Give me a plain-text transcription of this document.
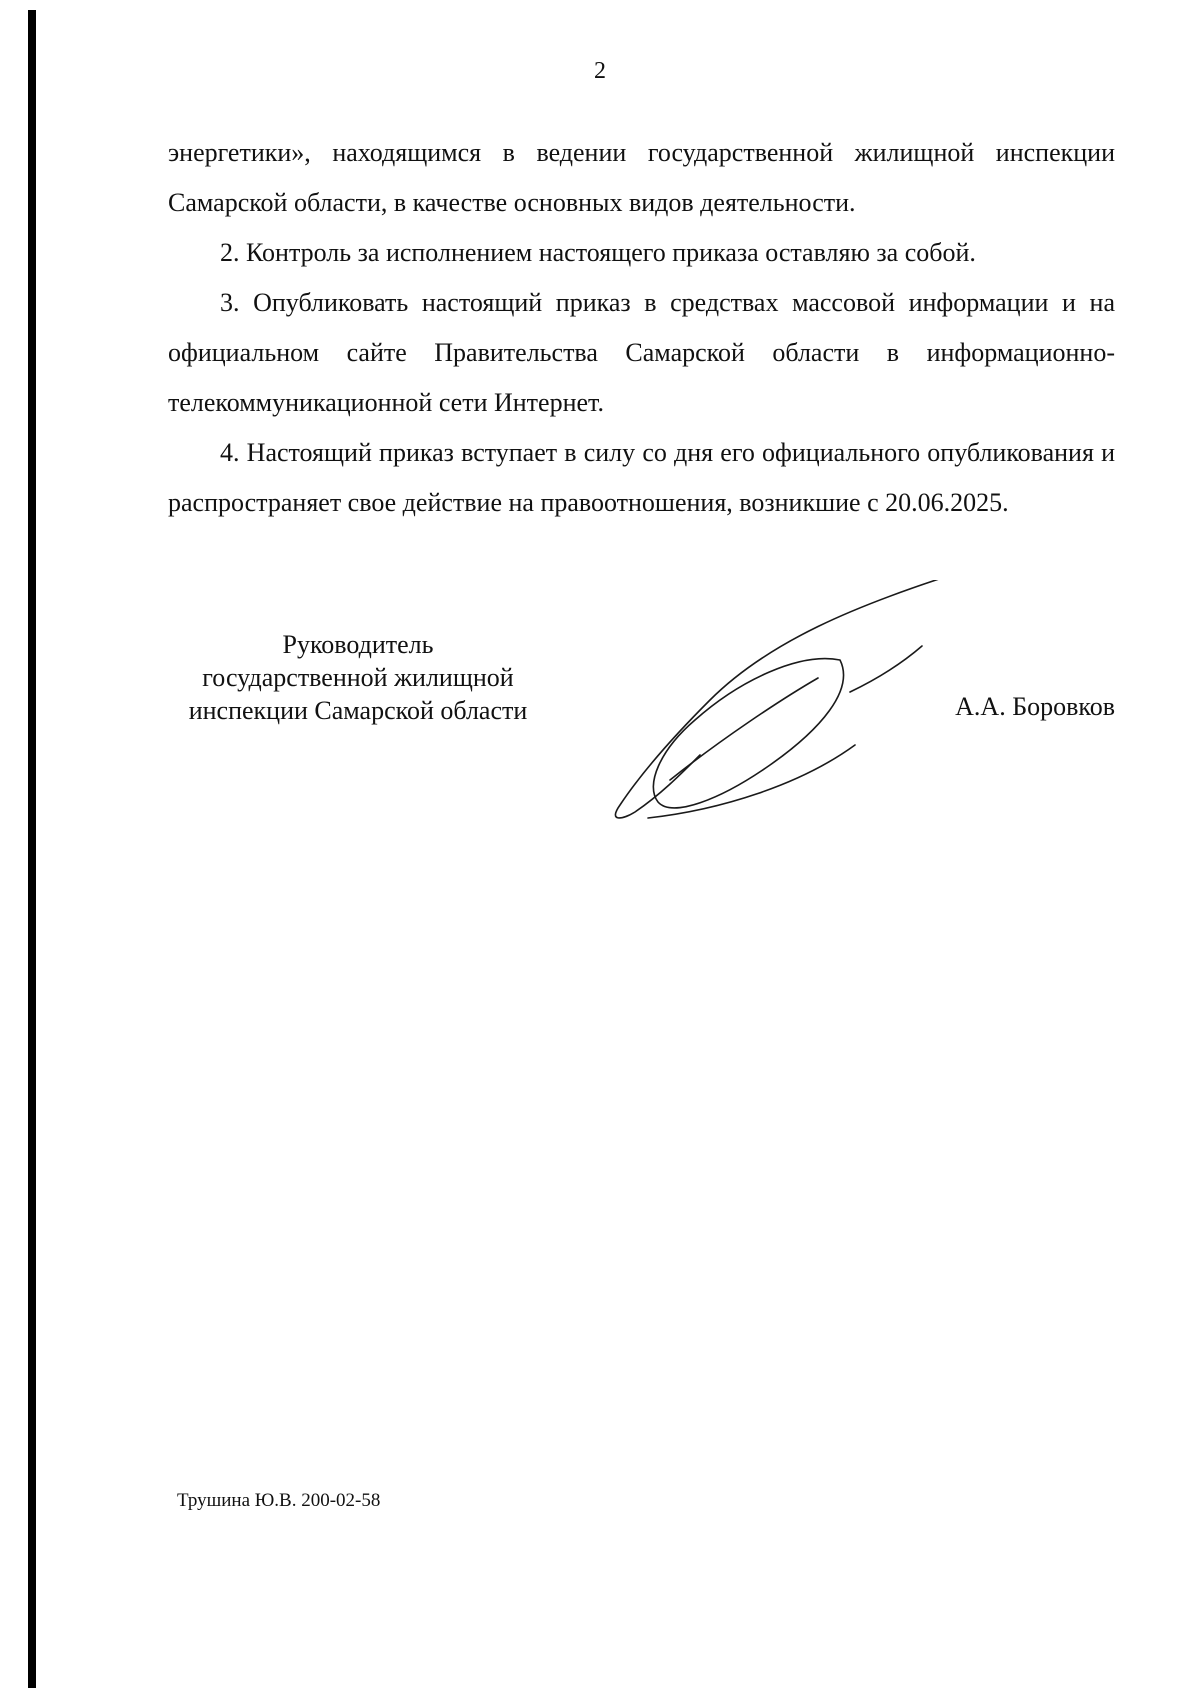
2

энергетики», находящимся в ведении государственной жилищной инспекции Самарской области, в качестве основных видов деятельности.

2. Контроль за исполнением настоящего приказа оставляю за собой.

3. Опубликовать настоящий приказ в средствах массовой информации и на официальном сайте Правительства Самарской области в информационно-телекоммуникационной сети Интернет.

4. Настоящий приказ вступает в силу со дня его официального опубликования и распространяет свое действие на правоотношения, возникшие с 20.06.2025.

Руководитель
государственной жилищной
инспекции Самарской области	А.А. Боровков
Трушина Ю.В. 200-02-58
